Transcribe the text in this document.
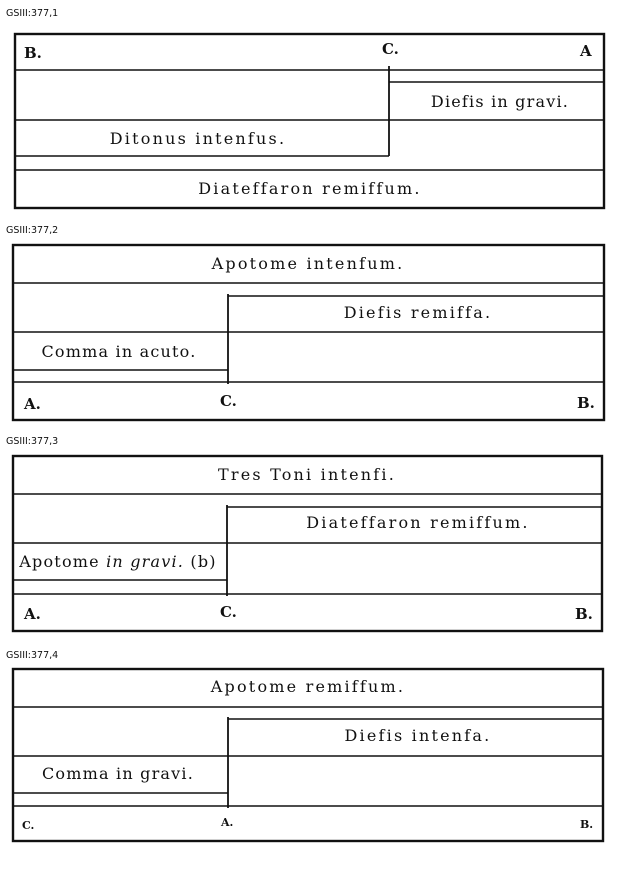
GSIII:377,1
B.	C.	A
Diefis in gravi.
Ditonus intenfus.
Diateffaron remiffum.
GSIII:377,2
Apotome intenfum.
Diefis remiffa.
Comma in acuto.
A.	C.	B.
GSIII:377,3
Tres Toni intenfi.
Diateffaron remiffum.
Apotome in gravi. (b)
A.	C.	B.
GSIII:377,4
Apotome remiffum.
Diefis intenfa.
Comma in gravi.
C.	A.	B.
